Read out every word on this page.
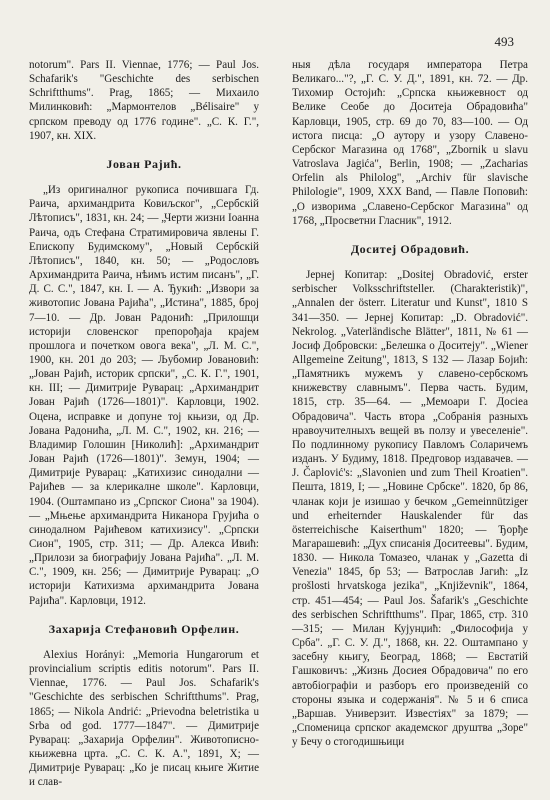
493

notorum". Pars II. Viennae, 1776; — Paul Jos. Schafarik's "Geschichte des serbischen Schriftthums". Prag, 1865; — Михаило Милинковић: „Мармонтелов „Bélisaire" у српском преводу од 1776 године". „С. К. Г.", 1907, кн. XIX.

Јован Рајић.

„Из оригиналног рукописа почившага Гд. Раича, архимандрита Ковиљског", „Сербскій Лѣтописъ", 1831, кн. 24; — „Черти жизни Іоанна Раича, одъ Стефана Стратимировича явлены Г. Епископу Будимскому", „Новый Сербскій Лѣтописъ", 1840, кн. 50; — „Родословъ Архимандрита Раича, нѣимъ истим писанъ", „Г. Д. С. С.", 1847, кн. I. — А. Ђукић: „Извори за животопис Јована Рајића", „Истина", 1885, број 7—10. — Др. Јован Радонић: „Прилошци историји словенског препорођаја крајем прошлога и почетком овога века", „Л. М. С.", 1900, кн. 201 до 203; — Љубомир Јовановић: „Јован Рајић, историк српски", „С. К. Г.", 1901, кн. III; — Димитрије Руварац: „Архимандрит Јован Рајић (1726—1801)". Карловци, 1902. Оцена, исправке и допуне тој књизи, од Др. Јована Радонића, „Л. М. С.", 1902, кн. 216; — Владимир Голошин [Николић]: „Архимандрит Јован Рајић (1726—1801)". Земун, 1904; — Димитрије Руварац: „Катихизис синодални — Рајићев — за клерикалне школе". Карловци, 1904. (Оштампано из „Српског Сиона" за 1904). — „Мњење архимандрита Никанора Грујића о синодалном Рајићевом катихизису". „Српски Сион", 1905, стр. 311; — Др. Алекса Ивић: „Прилози за биографију Јована Рајића". „Л. М. С.", 1909, кн. 256; — Димитрије Руварац: „О историји Катихизма архимандрита Јована Рајића". Карловци, 1912.

Захарија Стефановић Орфелин.

Alexius Horányi: „Memoria Hungarorum et provincialium scriptis editis notorum". Pars II. Viennae, 1776. — Paul Jos. Schafarik's "Geschichte des serbischen Schriftthums". Prag, 1865; — Nikola Andrić: „Prievodna beletristika u Srba od god. 1777—1847". — Димитрије Руварац: „Захарија Орфелин". Животописно-књижевна црта. „С. С. К. А.", 1891, Х; — Димитрије Руварац: „Ко је писац књиге Житие и слав-

ныя дѣла государя императора Петра Великаго..."?, „Г. С. У. Д.", 1891, кн. 72. — Др. Тихомир Остојић: „Српска књижевност од Велике Сеобе до Доситеја Обрадовића" Карловци, 1905, стр. 69 до 70, 83—100. — Од истога писца: „О аутору и узору Славено-Сербског Магазина од 1768", „Zbornik u slavu Vatroslava Jagića", Berlin, 1908; — „Zacharias Orfelin als Philolog", „Archiv für slavische Philologie", 1909, XXX Band, — Павле Поповић: „О изворима „Славено-Сербског Магазина" од 1768, „Просветни Гласник", 1912.

Доситеј Обрадовић.

Јернеј Копитар: „Dositej Obradović, erster serbischer Volksschriftsteller. (Charakteristik)", „Annalen der österr. Literatur und Kunst", 1810 S 341—350. — Јернеј Копитар: „D. Obradović". Nekrolog. „Vaterländische Blätter", 1811, № 61 — Јосиф Добровски: „Белешка о Доситеју". „Wiener Allgemeine Zeitung", 1813, S 132 — Лазар Бојић: „Памятникъ мужемъ у славено-сербскомъ книжевству славнымъ". Перва часть. Будим, 1815, стр. 35—64. — „Мемоари Г. Досіеа Обрадовича". Часть втора „Собранія разныхъ нравоучителныхъ вещей въ ползу и увеселеніе". По подлинному рукопису Павломъ Соларичемъ изданъ. У Будиму, 1818. Предговор издавачев. — J. Čaplović's: „Slavonien und zum Theil Kroatien". Пешта, 1819, I; — „Новине Србске". 1820, бр 86, чланак који је изишао у бечком „Gemeinnütziger und erheiternder Hauskalender für das österreichische Kaiserthum" 1820; — Ђорђе Магарашевић: „Дух списанія Доситеевы". Будим, 1830. — Никола Томазео, чланак у „Gazetta di Venezia" 1845, бр 53; — Ватрослав Јагић: „Iz prošlosti hrvatskoga jezika", „Književnik", 1864, стр. 451—454; — Paul Jos. Šafarik's „Geschichte des serbischen Schriftthums". Праг, 1865, стр. 310—315; — Милан Кујунџић: „Философија у Срба". „Г. С. У. Д.", 1868, кн. 22. Оштампано у засебну књигу, Београд, 1868; — Евстатій Гашковичъ: „Жизнь Досиея Обрадовича" по его автобіографіи и разборъ его произведеній со стороны языка и содержанія". № 5 и 6 списа „Варшав. Универзит. Известіях" за 1879; — „Споменица српског академског друштва „Зоре" у Бечу о стогодишњици
